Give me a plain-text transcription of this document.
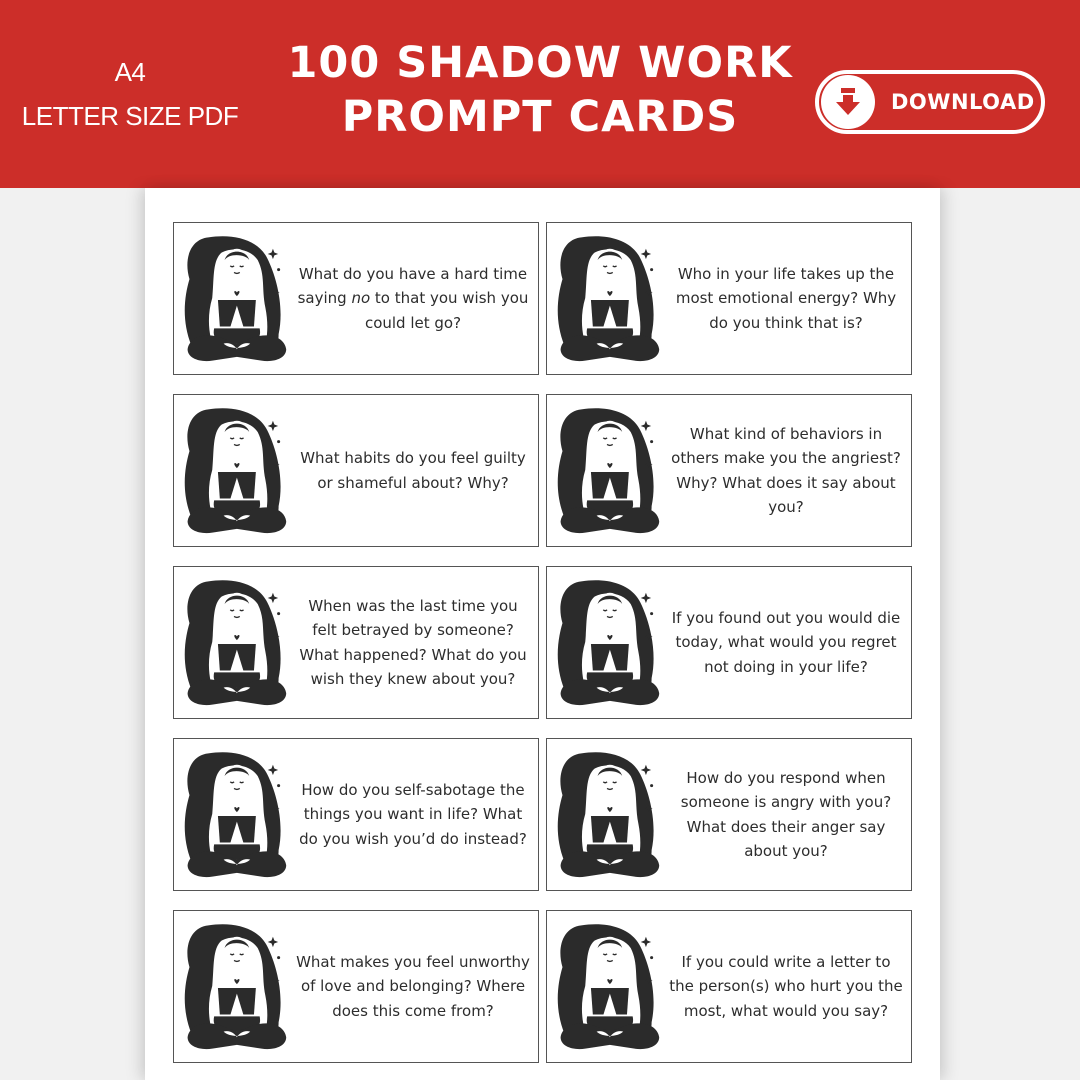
A4
LETTER SIZE PDF
100 SHADOW WORK
PROMPT CARDS	DOWNLOAD
What do you have a hard time saying no to that you wish you could let go?
Who in your life takes up the most emotional energy? Why do you think that is?
What habits do you feel guilty or shameful about? Why?
What kind of behaviors in others make you the angriest? Why? What does it say about you?
When was the last time you felt betrayed by someone? What happened? What do you wish they knew about you?
If you found out you would die today, what would you regret not doing in your life?
How do you self-sabotage the things you want in life? What do you wish you’d do instead?
How do you respond when someone is angry with you? What does their anger say about you?
What makes you feel unworthy of love and belonging? Where does this come from?
If you could write a letter to the person(s) who hurt you the most, what would you say?
